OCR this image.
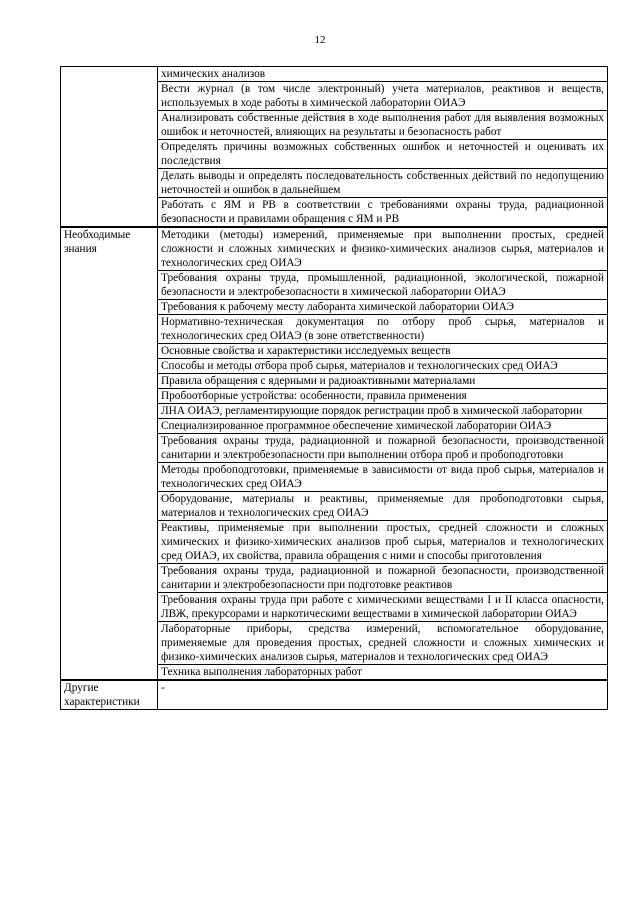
12
	химических анализов
	Вести журнал (в том числе электронный) учета материалов, реактивов и веществ, используемых в ходе работы в химической лаборатории ОИАЭ
	Анализировать собственные действия в ходе выполнения работ для выявления возможных ошибок и неточностей, влияющих на результаты и безопасность работ
	Определять причины возможных собственных ошибок и неточностей и оценивать их последствия
	Делать выводы и определять последовательность собственных действий по недопущению неточностей и ошибок в дальнейшем
	Работать с ЯМ и РВ в соответствии с требованиями охраны труда, радиационной безопасности и правилами обращения с ЯМ и РВ
Необходимые знания	Методики (методы) измерений, применяемые при выполнении простых, средней сложности и сложных химических и физико-химических анализов сырья, материалов и технологических сред ОИАЭ
	Требования охраны труда, промышленной, радиационной, экологической, пожарной безопасности и электробезопасности в химической лаборатории ОИАЭ
	Требования к рабочему месту лаборанта химической лаборатории ОИАЭ
	Нормативно-техническая документация по отбору проб сырья, материалов и технологических сред ОИАЭ (в зоне ответственности)
	Основные свойства и характеристики исследуемых веществ
	Способы и методы отбора проб сырья, материалов и технологических сред ОИАЭ
	Правила обращения с ядерными и радиоактивными материалами
	Пробоотборные устройства: особенности, правила применения
	ЛНА ОИАЭ, регламентирующие порядок регистрации проб в химической лаборатории
	Специализированное программное обеспечение химической лаборатории ОИАЭ
	Требования охраны труда, радиационной и пожарной безопасности, производственной санитарии и электробезопасности при выполнении отбора проб и пробоподготовки
	Методы пробоподготовки, применяемые в зависимости от вида проб сырья, материалов и технологических сред ОИАЭ
	Оборудование, материалы и реактивы, применяемые для пробоподготовки сырья, материалов и технологических сред ОИАЭ
	Реактивы, применяемые при выполнении простых, средней сложности и сложных химических и физико-химических анализов проб сырья, материалов и технологических сред ОИАЭ, их свойства, правила обращения с ними и способы приготовления
	Требования охраны труда, радиационной и пожарной безопасности, производственной санитарии и электробезопасности при подготовке реактивов
	Требования охраны труда при работе с химическими веществами I и II класса опасности, ЛВЖ, прекурсорами и наркотическими веществами в химической лаборатории ОИАЭ
	Лабораторные приборы, средства измерений, вспомогательное оборудование, применяемые для проведения простых, средней сложности и сложных химических и физико-химических анализов сырья, материалов и технологических сред ОИАЭ
	Техника выполнения лабораторных работ
Другие характеристики	-
